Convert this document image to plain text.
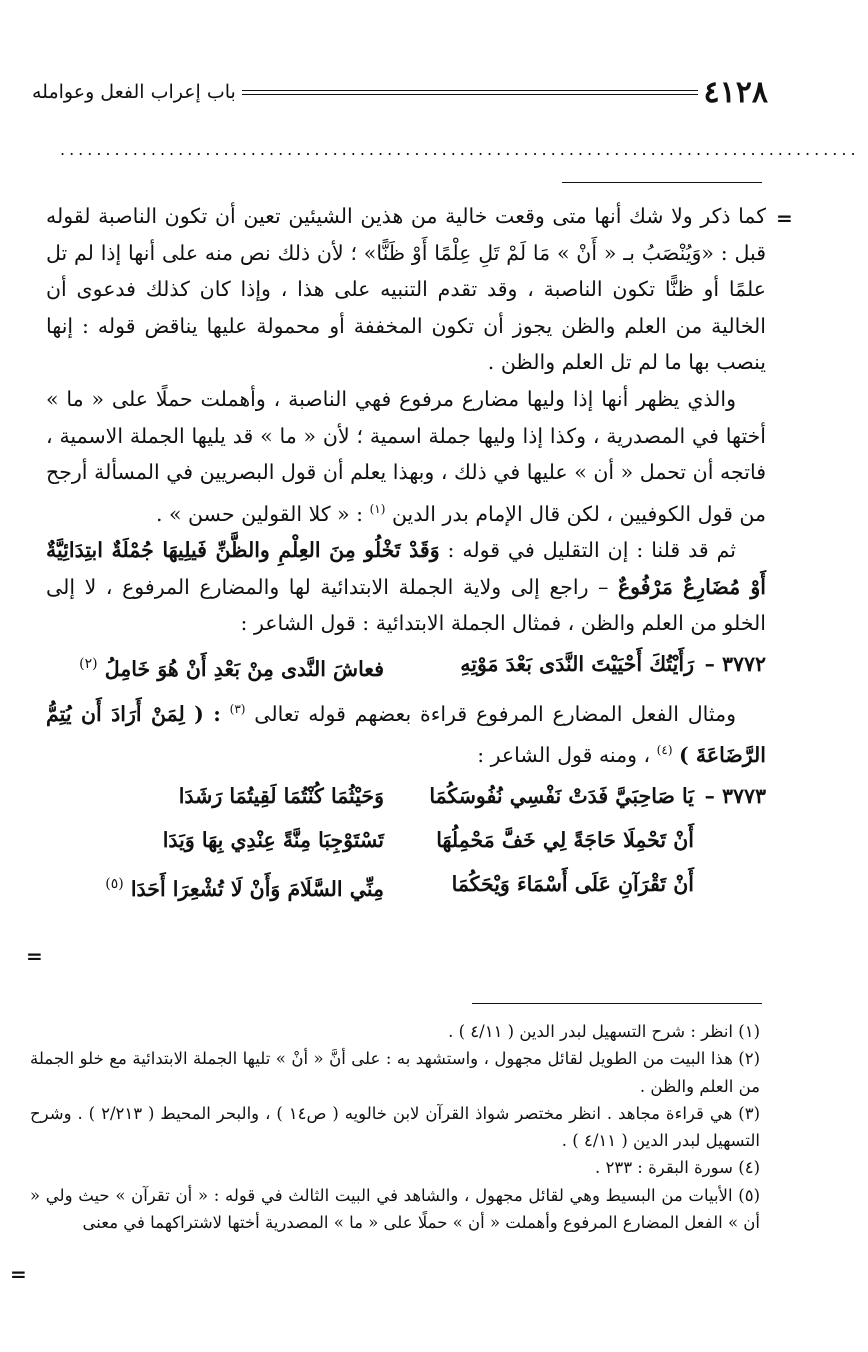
٤١٢٨
باب إعراب الفعل وعوامله
........................................................................................
=

كما ذكر ولا شك أنها متى وقعت خالية من هذين الشيئين تعين أن تكون الناصبة لقوله قبل : «وَيُنْصَبُ بـ « أَنْ » مَا لَمْ تَلِ عِلْمًا أَوْ ظَنًّا» ؛ لأن ذلك نص منه على أنها إذا لم تل علمًا أو ظنًّا تكون الناصبة ، وقد تقدم التنبيه على هذا ، وإذا كان كذلك فدعوى أن الخالية من العلم والظن يجوز أن تكون المخففة أو محمولة عليها يناقض قوله : إنها ينصب بها ما لم تل العلم والظن .

والذي يظهر أنها إذا وليها مضارع مرفوع فهي الناصبة ، وأهملت حملًا على « ما » أختها في المصدرية ، وكذا إذا وليها جملة اسمية ؛ لأن « ما » قد يليها الجملة الاسمية ، فاتجه أن تحمل « أن » عليها في ذلك ، وبهذا يعلم أن قول البصريين في المسألة أرجح من قول الكوفيين ، لكن قال الإمام بدر الدين $^{(١)}$ : « كلا القولين حسن » .

ثم قد قلنا : إن التقليل في قوله : وَقَدْ تَخْلُو مِنَ العِلْمِ والظَّنِّ فَيلِيهَا جُمْلَةٌ ابتِدَائِيَّةٌ أَوْ مُضَارِعٌ مَرْفُوعٌ – راجع إلى ولاية الجملة الابتدائية لها والمضارع المرفوع ، لا إلى الخلو من العلم والظن ، فمثال الجملة الابتدائية : قول الشاعر :

٣٧٧٢ –
رَأَيْتُكَ أَحْيَيْتَ النَّدَى بَعْدَ مَوْتِهِ
فعاشَ النَّدى مِنْ بَعْدِ أَنْ هُوَ خَامِلُ $^{(٢)}$

ومثال الفعل المضارع المرفوع قراءة بعضهم قوله تعالى $^{(٣)}$ : ( لِمَنْ أَرَادَ أَن يُتِمُّ الرَّضَاعَةَ ) $^{(٤)}$ ، ومنه قول الشاعر :

٣٧٧٣ –
يَا صَاحِبَيَّ فَدَتْ نَفْسِي نُفُوسَكُمَا
وَحَيْثُمَا كُنْتُمَا لَقِيتُمَا رَشَدَا
أَنْ تَحْمِلَا حَاجَةً لِي خَفَّ مَحْمِلُهَا
تَسْتَوْجِبَا مِنَّةً عِنْدِي بِهَا وَيَدَا
أَنْ تَقْرَآنِ عَلَى أَسْمَاءَ وَيْحَكُمَا
مِنِّي السَّلَامَ وَأَنْ لَا تُشْعِرَا أَحَدَا $^{(٥)}$
=

(١) انظر : شرح التسهيل لبدر الدين ( ٤/١١ ) .

(٢) هذا البيت من الطويل لقائل مجهول ، واستشهد به : على أنَّ « أنْ » تليها الجملة الابتدائية مع خلو الجملة من العلم والظن .

(٣) هي قراءة مجاهد . انظر مختصر شواذ القرآن لابن خالويه ( ص١٤ ) ، والبحر المحيط ( ٢/٢١٣ ) . وشرح التسهيل لبدر الدين ( ٤/١١ ) .

(٤) سورة البقرة : ٢٣٣ .

(٥) الأبيات من البسيط وهي لقائل مجهول ، والشاهد في البيت الثالث في قوله : « أن تقرآن » حيث ولي « أن » الفعل المضارع المرفوع وأهملت « أن » حملًا على « ما » المصدرية أختها لاشتراكهما في معنى

=
